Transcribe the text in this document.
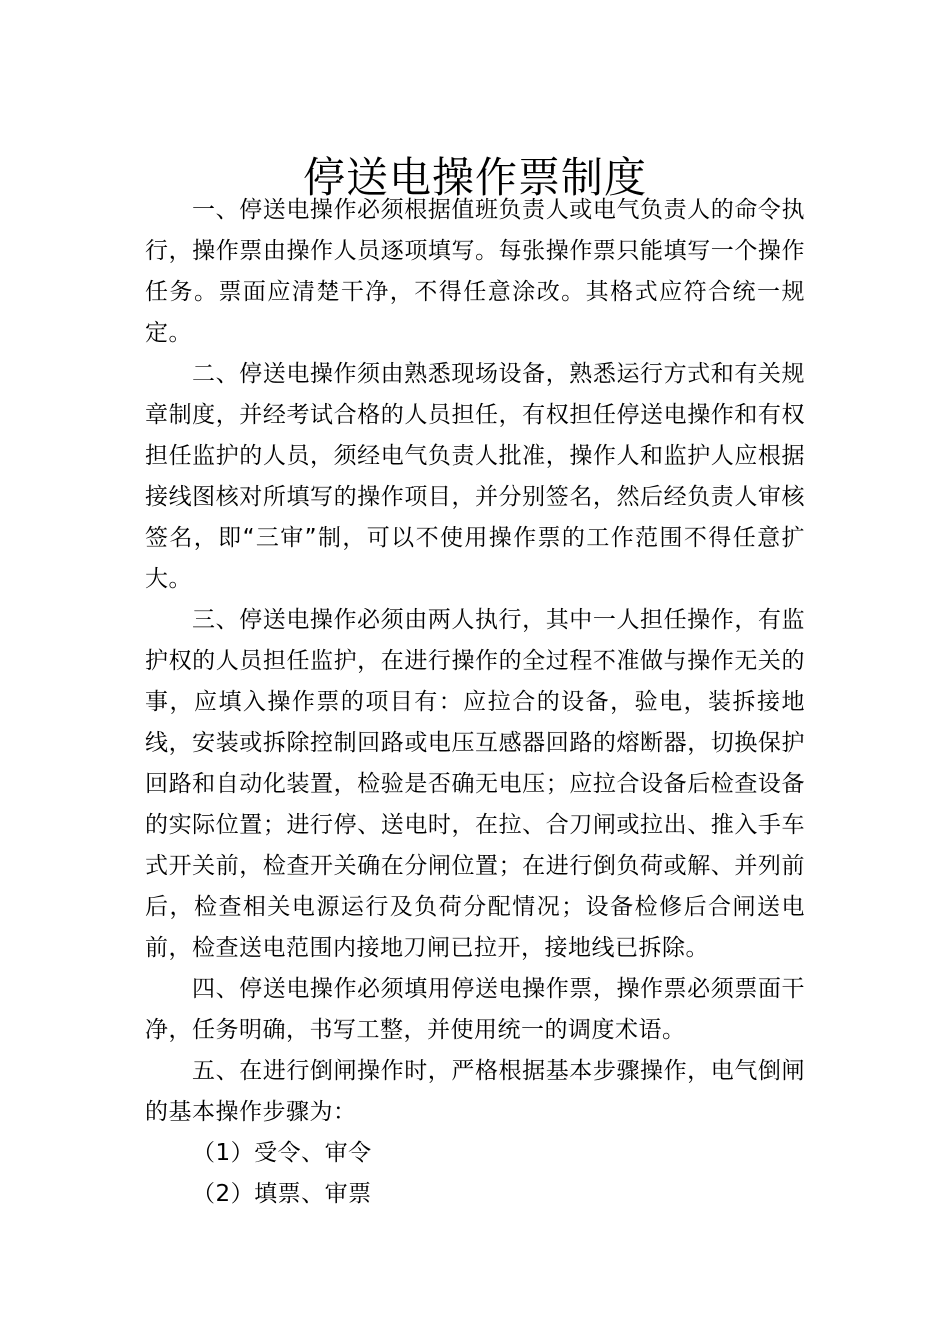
停送电操作票制度

一、停送电操作必须根据值班负责人或电气负责人的命令执行，操作票由操作人员逐项填写。每张操作票只能填写一个操作任务。票面应清楚干净，不得任意涂改。其格式应符合统一规定。

二、停送电操作须由熟悉现场设备，熟悉运行方式和有关规章制度，并经考试合格的人员担任，有权担任停送电操作和有权担任监护的人员，须经电气负责人批准，操作人和监护人应根据接线图核对所填写的操作项目，并分别签名，然后经负责人审核签名，即“三审”制，可以不使用操作票的工作范围不得任意扩大。

三、停送电操作必须由两人执行，其中一人担任操作，有监护权的人员担任监护，在进行操作的全过程不准做与操作无关的事，应填入操作票的项目有：应拉合的设备，验电，装拆接地线，安装或拆除控制回路或电压互感器回路的熔断器，切换保护回路和自动化装置，检验是否确无电压；应拉合设备后检查设备的实际位置；进行停、送电时，在拉、合刀闸或拉出、推入手车式开关前，检查开关确在分闸位置；在进行倒负荷或解、并列前后，检查相关电源运行及负荷分配情况；设备检修后合闸送电前，检查送电范围内接地刀闸已拉开，接地线已拆除。

四、停送电操作必须填用停送电操作票，操作票必须票面干净，任务明确，书写工整，并使用统一的调度术语。

五、在进行倒闸操作时，严格根据基本步骤操作，电气倒闸的基本操作步骤为：

（1）受令、审令

（2）填票、审票
